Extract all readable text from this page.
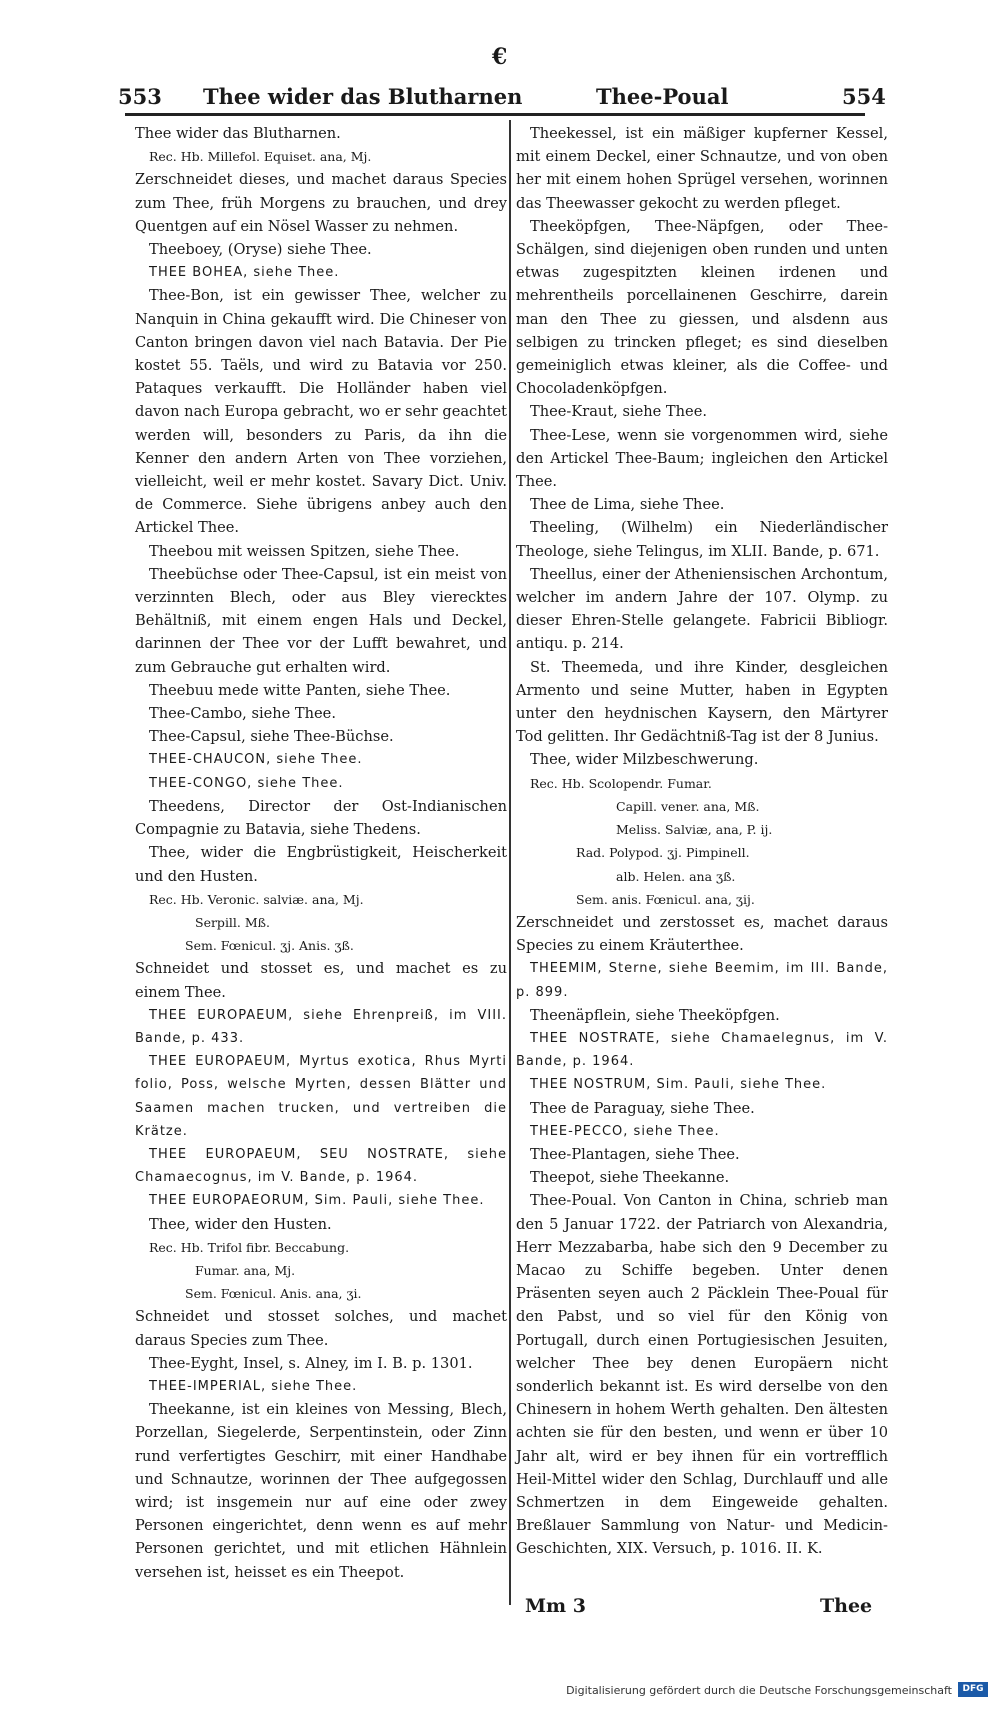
€
553 Thee wider das Blutharnen	Thee-Poual	554

Thee wider das Blutharnen.

Rec. Hb. Millefol. Equiset. ana, Mj.

Zerschneidet dieses, und machet daraus Species zum Thee, früh Morgens zu brauchen, und drey Quentgen auf ein Nösel Wasser zu nehmen.

Theeboey, (Oryse) siehe Thee.

THEE BOHEA, siehe Thee.

Thee-Bon, ist ein gewisser Thee, welcher zu Nanquin in China gekaufft wird. Die Chineser von Canton bringen davon viel nach Batavia. Der Pie kostet 55. Taëls, und wird zu Batavia vor 250. Pataques verkaufft. Die Holländer haben viel davon nach Europa gebracht, wo er sehr geachtet werden will, besonders zu Paris, da ihn die Kenner den andern Arten von Thee vorziehen, vielleicht, weil er mehr kostet. Savary Dict. Univ. de Commerce. Siehe übrigens anbey auch den Artickel Thee.

Theebou mit weissen Spitzen, siehe Thee.

Theebüchse oder Thee-Capsul, ist ein meist von verzinnten Blech, oder aus Bley vierecktes Behältniß, mit einem engen Hals und Deckel, darinnen der Thee vor der Lufft bewahret, und zum Gebrauche gut erhalten wird.

Theebuu mede witte Panten, siehe Thee.

Thee-Cambo, siehe Thee.

Thee-Capsul, siehe Thee-Büchse.

THEE-CHAUCON, siehe Thee.

THEE-CONGO, siehe Thee.

Theedens, Director der Ost-Indianischen Compagnie zu Batavia, siehe Thedens.

Thee, wider die Engbrüstigkeit, Heischerkeit und den Husten.

Rec. Hb. Veronic. salviæ. ana, Mj.

Serpill. Mß.

Sem. Fœnicul. ʒj. Anis. ʒß.

Schneidet und stosset es, und machet es zu einem Thee.

THEE EUROPAEUM, siehe Ehrenpreiß, im VIII. Bande, p. 433.

THEE EUROPAEUM, Myrtus exotica, Rhus Myrti folio, Poss, welsche Myrten, dessen Blätter und Saamen machen trucken, und vertreiben die Krätze.

THEE EUROPAEUM, SEU NOSTRATE, siehe Chamaecognus, im V. Bande, p. 1964.

THEE EUROPAEORUM, Sim. Pauli, siehe Thee.

Thee, wider den Husten.

Rec. Hb. Trifol fibr. Beccabung.

Fumar. ana, Mj.

Sem. Fœnicul. Anis. ana, ʒi.

Schneidet und stosset solches, und machet daraus Species zum Thee.

Thee-Eyght, Insel, s. Alney, im I. B. p. 1301.

THEE-IMPERIAL, siehe Thee.

Theekanne, ist ein kleines von Messing, Blech, Porzellan, Siegelerde, Serpentinstein, oder Zinn rund verfertigtes Geschirr, mit einer Handhabe und Schnautze, worinnen der Thee aufgegossen wird; ist insgemein nur auf eine oder zwey Personen eingerichtet, denn wenn es auf mehr Personen gerichtet, und mit etlichen Hähnlein versehen ist, heisset es ein Theepot.

Theekessel, ist ein mäßiger kupferner Kessel, mit einem Deckel, einer Schnautze, und von oben her mit einem hohen Sprügel versehen, worinnen das Theewasser gekocht zu werden pfleget.

Theeköpfgen, Thee-Näpfgen, oder Thee-Schälgen, sind diejenigen oben runden und unten etwas zugespitzten kleinen irdenen und mehrentheils porcellainenen Geschirre, darein man den Thee zu giessen, und alsdenn aus selbigen zu trincken pfleget; es sind dieselben gemeiniglich etwas kleiner, als die Coffee- und Chocoladenköpfgen.

Thee-Kraut, siehe Thee.

Thee-Lese, wenn sie vorgenommen wird, siehe den Artickel Thee-Baum; ingleichen den Artickel Thee.

Thee de Lima, siehe Thee.

Theeling, (Wilhelm) ein Niederländischer Theologe, siehe Telingus, im XLII. Bande, p. 671.

Theellus, einer der Atheniensischen Archontum, welcher im andern Jahre der 107. Olymp. zu dieser Ehren-Stelle gelangete. Fabricii Bibliogr. antiqu. p. 214.

St. Theemeda, und ihre Kinder, desgleichen Armento und seine Mutter, haben in Egypten unter den heydnischen Kaysern, den Märtyrer Tod gelitten. Ihr Gedächtniß-Tag ist der 8 Junius.

Thee, wider Milzbeschwerung.

Rec. Hb. Scolopendr. Fumar.

Capill. vener. ana, Mß.

Meliss. Salviæ, ana, P. ij.

Rad. Polypod. ʒj. Pimpinell.

alb. Helen. ana ʒß.

Sem. anis. Fœnicul. ana, ʒij.

Zerschneidet und zerstosset es, machet daraus Species zu einem Kräuterthee.

THEEMIM, Sterne, siehe Beemim, im III. Bande, p. 899.

Theenäpflein, siehe Theeköpfgen.

THEE NOSTRATE, siehe Chamaelegnus, im V. Bande, p. 1964.

THEE NOSTRUM, Sim. Pauli, siehe Thee.

Thee de Paraguay, siehe Thee.

THEE-PECCO, siehe Thee.

Thee-Plantagen, siehe Thee.

Theepot, siehe Theekanne.

Thee-Poual. Von Canton in China, schrieb man den 5 Januar 1722. der Patriarch von Alexandria, Herr Mezzabarba, habe sich den 9 December zu Macao zu Schiffe begeben. Unter denen Präsenten seyen auch 2 Päcklein Thee-Poual für den Pabst, und so viel für den König von Portugall, durch einen Portugiesischen Jesuiten, welcher Thee bey denen Europäern nicht sonderlich bekannt ist. Es wird derselbe von den Chinesern in hohem Werth gehalten. Den ältesten achten sie für den besten, und wenn er über 10 Jahr alt, wird er bey ihnen für ein vortrefflich Heil-Mittel wider den Schlag, Durchlauff und alle Schmertzen in dem Eingeweide gehalten. Breßlauer Sammlung von Natur- und Medicin-Geschichten, XIX. Versuch, p. 1016. II. K.

Mm 3	Thee
Digitalisierung gefördert durch die Deutsche Forschungsgemeinschaft	DFG
